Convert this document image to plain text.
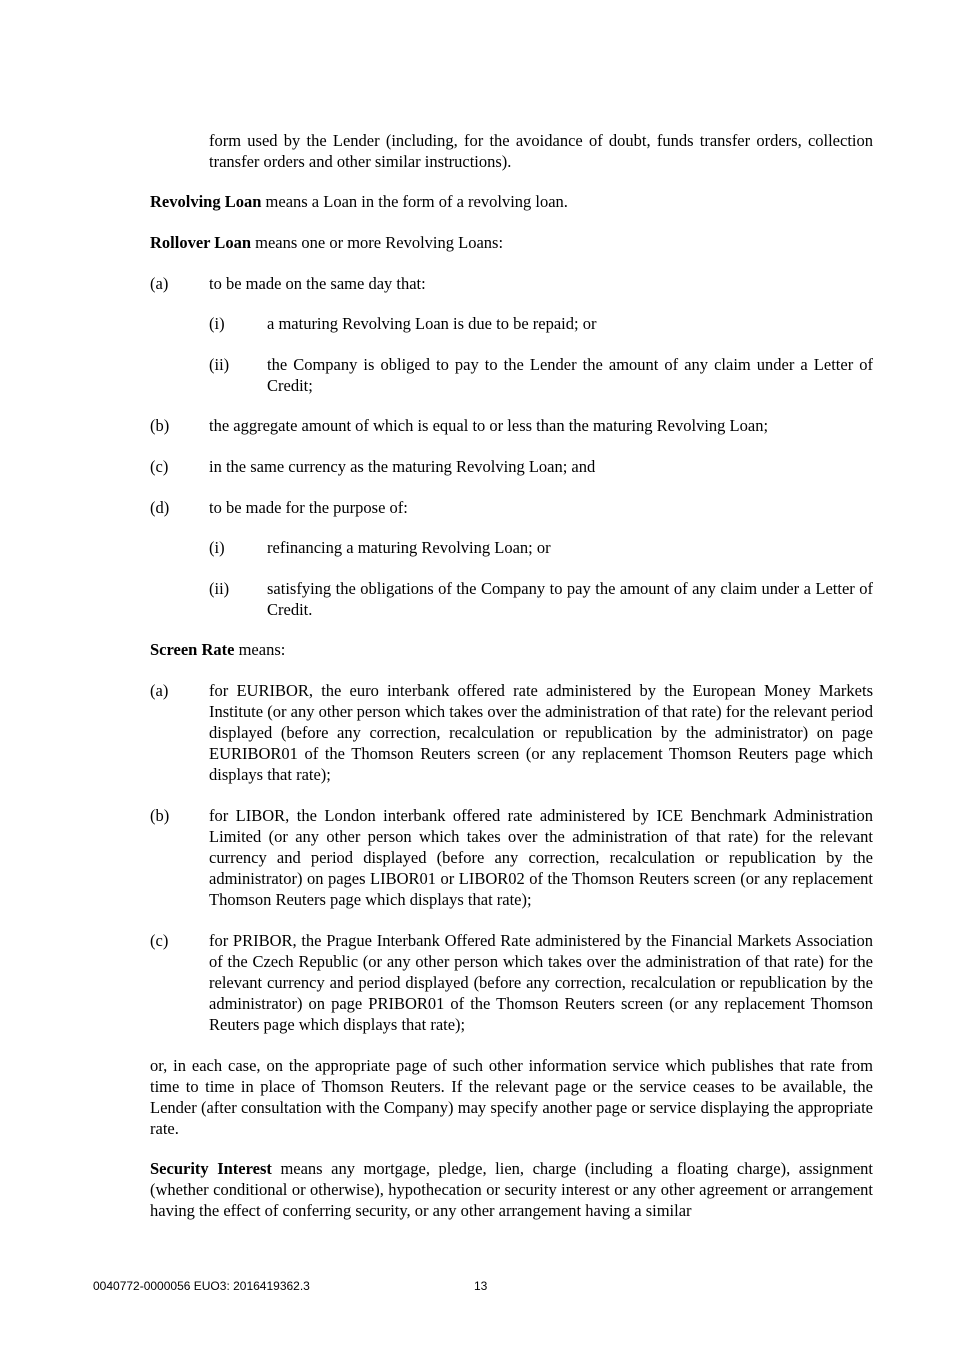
form used by the Lender (including, for the avoidance of doubt, funds transfer orders, collection transfer orders and other similar instructions).

Revolving Loan means a Loan in the form of a revolving loan.

Rollover Loan means one or more Revolving Loans:

(a) to be made on the same day that:
(i)	a maturing Revolving Loan is due to be repaid; or
(ii) the Company is obliged to pay to the Lender the amount of any claim under a Letter of Credit;
(b) the aggregate amount of which is equal to or less than the maturing Revolving Loan;
(c) in the same currency as the maturing Revolving Loan; and
(d) to be made for the purpose of:
(i)	refinancing a maturing Revolving Loan; or
(ii) satisfying the obligations of the Company to pay the amount of any claim under a Letter of Credit.

Screen Rate means:

(a) for EURIBOR, the euro interbank offered rate administered by the European Money Markets Institute (or any other person which takes over the administration of that rate) for the relevant period displayed (before any correction, recalculation or republication by the administrator) on page EURIBOR01 of the Thomson Reuters screen (or any replacement Thomson Reuters page which displays that rate);
(b) for LIBOR, the London interbank offered rate administered by ICE Benchmark Administration Limited (or any other person which takes over the administration of that rate) for the relevant currency and period displayed (before any correction, recalculation or republication by the administrator) on pages LIBOR01 or LIBOR02 of the Thomson Reuters screen (or any replacement Thomson Reuters page which displays that rate);
(c) for PRIBOR, the Prague Interbank Offered Rate administered by the Financial Markets Association of the Czech Republic (or any other person which takes over the administration of that rate) for the relevant currency and period displayed (before any correction, recalculation or republication by the administrator) on page PRIBOR01 of the Thomson Reuters screen (or any replacement Thomson Reuters page which displays that rate);

or, in each case, on the appropriate page of such other information service which publishes that rate from time to time in place of Thomson Reuters. If the relevant page or the service ceases to be available, the Lender (after consultation with the Company) may specify another page or service displaying the appropriate rate.

Security Interest means any mortgage, pledge, lien, charge (including a floating charge), assignment (whether conditional or otherwise), hypothecation or security interest or any other agreement or arrangement having the effect of conferring security, or any other arrangement having a similar

0040772-0000056 EUO3: 2016419362.3	13
